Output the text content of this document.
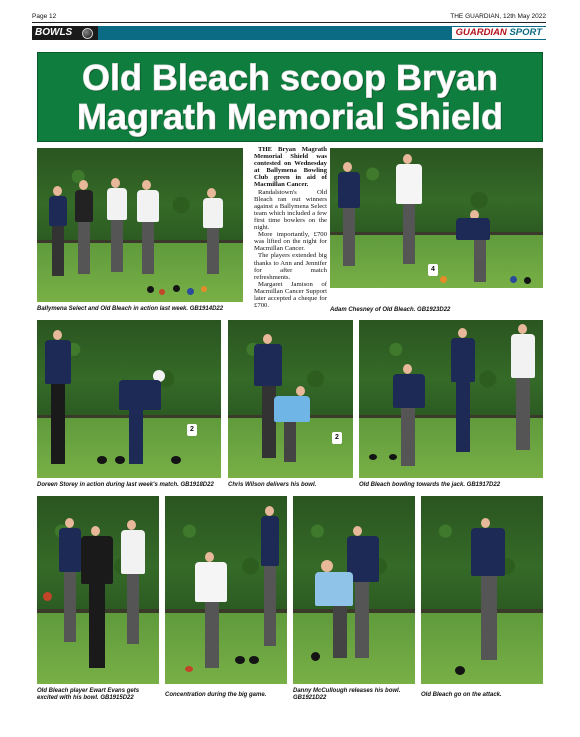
Page 12	THE GUARDIAN, 12th May 2022
BOWLS	GUARDIAN SPORT
Old Bleach scoop Bryan Magrath Memorial Shield
Ballymena Select and Old Bleach in action last week. GB1914D22

THE Bryan Magrath Memorial Shield was contested on Wednesday at Ballymena Bowling Club green in aid of Macmillan Cancer.

Randalstown's Old Bleach ran out winners against a Ballymena Select team which included a few first time bowlers on the night.

More importantly, £700 was lifted on the night for Macmillan Cancer.

The players extended big thanks to Ann and Jennifer for after match refreshments.

Margaret Jamison of Macmillan Cancer Support later accepted a cheque for £700.

4
Adam Chesney of Old Bleach. GB1923D22
2
Doreen Storey in action during last week's match. GB1918D22
2
Chris Wilson delivers his bowl.	Old Bleach bowling towards the jack. GB1917D22
Old Bleach player Ewart Evans gets excited with his bowl. GB1915D22	Concentration during the big game.
Danny McCullough releases his bowl. GB1921D22	Old Bleach go on the attack.
